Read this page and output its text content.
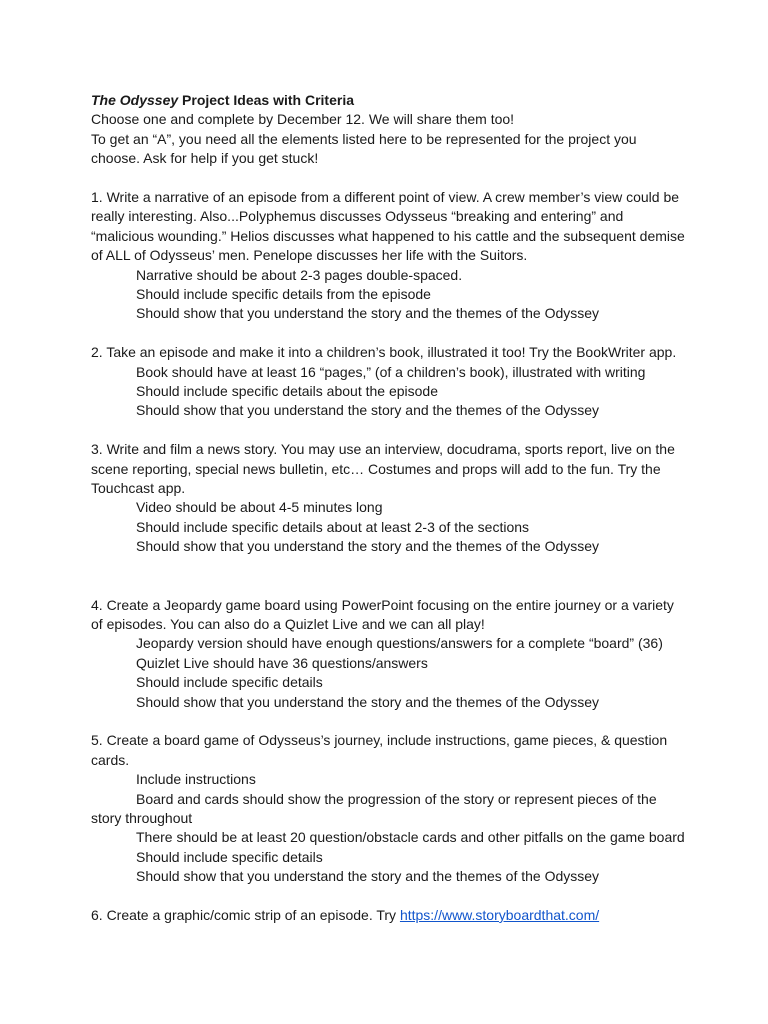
The Odyssey Project Ideas with Criteria
Choose one and complete by December 12. We will share them too!
To get an “A”, you need all the elements listed here to be represented for the project you
choose. Ask for help if you get stuck!
1. Write a narrative of an episode from a different point of view. A crew member’s view could be
really interesting. Also...Polyphemus discusses Odysseus “breaking and entering” and
“malicious wounding.” Helios discusses what happened to his cattle and the subsequent demise
of ALL of Odysseus’ men. Penelope discusses her life with the Suitors.
Narrative should be about 2-3 pages double-spaced.
Should include specific details from the episode
Should show that you understand the story and the themes of the Odyssey
2. Take an episode and make it into a children’s book, illustrated it too! Try the BookWriter app.
Book should have at least 16 “pages,” (of a children’s book), illustrated with writing
Should include specific details about the episode
Should show that you understand the story and the themes of the Odyssey
3. Write and film a news story. You may use an interview, docudrama, sports report, live on the
scene reporting, special news bulletin, etc… Costumes and props will add to the fun. Try the
Touchcast app.
Video should be about 4-5 minutes long
Should include specific details about at least 2-3 of the sections
Should show that you understand the story and the themes of the Odyssey
4. Create a Jeopardy game board using PowerPoint focusing on the entire journey or a variety
of episodes. You can also do a Quizlet Live and we can all play!
Jeopardy version should have enough questions/answers for a complete “board” (36)
Quizlet Live should have 36 questions/answers
Should include specific details
Should show that you understand the story and the themes of the Odyssey
5. Create a board game of Odysseus’s journey, include instructions, game pieces, & question
cards.
Include instructions
Board and cards should show the progression of the story or represent pieces of the
story throughout
There should be at least 20 question/obstacle cards and other pitfalls on the game board
Should include specific details
Should show that you understand the story and the themes of the Odyssey
6. Create a graphic/comic strip of an episode. Try https://www.storyboardthat.com/
